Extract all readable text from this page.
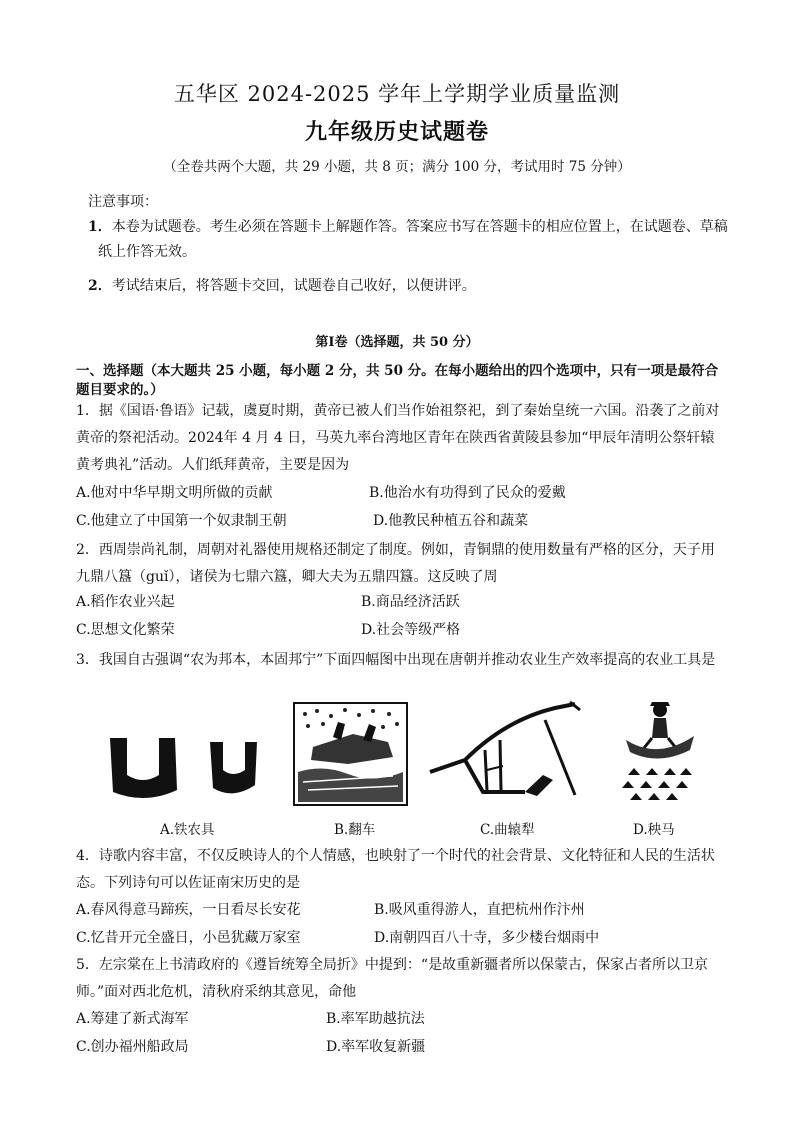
五华区 2024-2025 学年上学期学业质量监测
九年级历史试题卷
（全卷共两个大题，共 29 小题，共 8 页；满分 100 分，考试用时 75 分钟）
注意事项：
1．本卷为试题卷。考生必须在答题卡上解题作答。答案应书写在答题卡的相应位置上，在试题卷、草稿
纸上作答无效。
2．考试结束后，将答题卡交回，试题卷自己收好，以便讲评。
第Ⅰ卷（选择题，共 50 分）
一、选择题（本大题共 25 小题，每小题 2 分，共 50 分。在每小题给出的四个选项中，只有一项是最符合题目要求的。）
1．据《国语·鲁语》记载，虞夏时期，黄帝已被人们当作始祖祭祀，到了秦始皇统一六国。沿袭了之前对黄帝的祭祀活动。2024年 4 月 4 日，马英九率台湾地区青年在陕西省黄陵县参加“甲辰年清明公祭轩辕黄考典礼”活动。人们纸拜黄帝，主要是因为
A.他对中华早期文明所做的贡献	B.他治水有功得到了民众的爱戴
C.他建立了中国第一个奴隶制王朝	D.他教民种植五谷和蔬菜
2．西周崇尚礼制，周朝对礼器使用规格还制定了制度。例如，青铜鼎的使用数量有严格的区分，天子用九鼎八簋（guǐ），诸侯为七鼎六簋，卿大夫为五鼎四簋。这反映了周
A.稻作农业兴起	B.商品经济活跃
C.思想文化繁荣	D.社会等级严格
3．我国自古强调“农为邦本，本固邦宁”下面四幅图中出现在唐朝并推动农业生产效率提高的农业工具是
A.铁农具	B.翻车	C.曲辕犁	D.秧马
4．诗歌内容丰富，不仅反映诗人的个人情感，也映射了一个时代的社会背景、文化特征和人民的生活状态。下列诗句可以佐证南宋历史的是
A.春风得意马蹄疾，一日看尽长安花	B.吸风重得游人，直把杭州作汴州
C.忆昔开元全盛日，小邑犹藏万家室	D.南朝四百八十寺，多少楼台烟雨中
5．左宗棠在上书清政府的《遵旨统筹全局折》中提到：“是故重新疆者所以保蒙古，保家占者所以卫京师。”面对西北危机，清秋府采纳其意见，命他
A.筹建了新式海军	B.率军助越抗法
C.创办福州船政局	D.率军收复新疆
